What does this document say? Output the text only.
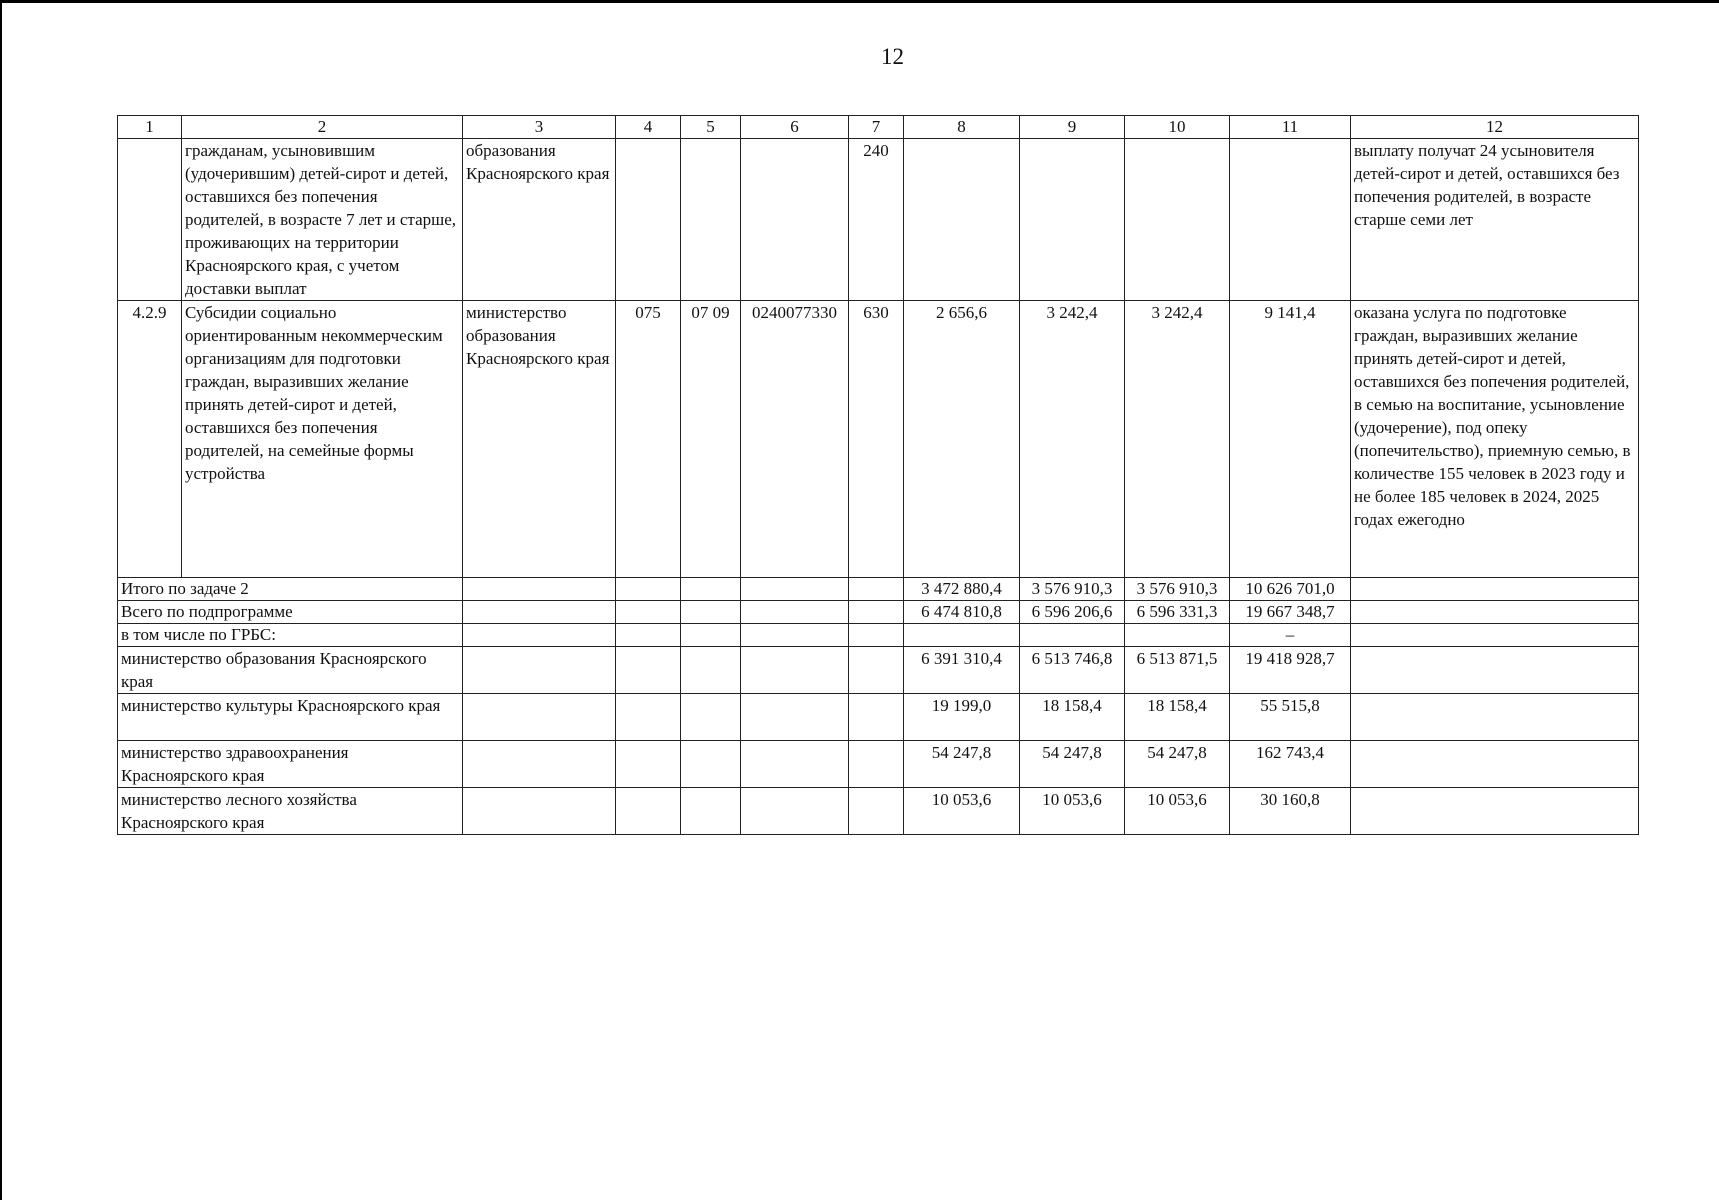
12
1	2	3	4	5	6	7	8	9	10	11	12
	гражданам, усыновившим (удочерившим) детей-сирот и детей, оставшихся без попечения родителей, в возрасте 7 лет и старше, проживающих на территории Красноярского края, с учетом доставки выплат	образования Красноярского края				240					выплату получат 24 усыновителя детей-сирот и детей, оставшихся без попечения родителей, в возрасте старше семи лет
4.2.9	Субсидии социально ориентированным некоммерческим организациям для подготовки граждан, выразивших желание принять детей-сирот и детей, оставшихся без попечения родителей, на семейные формы устройства	министерство образования Красноярского края	075	07 09	0240077330	630	2 656,6	3 242,4	3 242,4	9 141,4	оказана услуга по подготовке граждан, выразивших желание принять детей-сирот и детей, оставшихся без попечения родителей, в семью на воспитание, усыновление (удочерение), под опеку (попечительство), приемную семью, в количестве 155 человек в 2023 году и не более 185 человек в 2024, 2025 годах ежегодно
Итого по задаче 2							3 472 880,4	3 576 910,3	3 576 910,3	10 626 701,0	
Всего по подпрограмме							6 474 810,8	6 596 206,6	6 596 331,3	19 667 348,7	
в том числе по ГРБС:										–	
министерство образования Красноярского края							6 391 310,4	6 513 746,8	6 513 871,5	19 418 928,7	
министерство культуры Красноярского края							19 199,0	18 158,4	18 158,4	55 515,8	
министерство здравоохранения Красноярского края							54 247,8	54 247,8	54 247,8	162 743,4	
министерство лесного хозяйства Красноярского края							10 053,6	10 053,6	10 053,6	30 160,8	
